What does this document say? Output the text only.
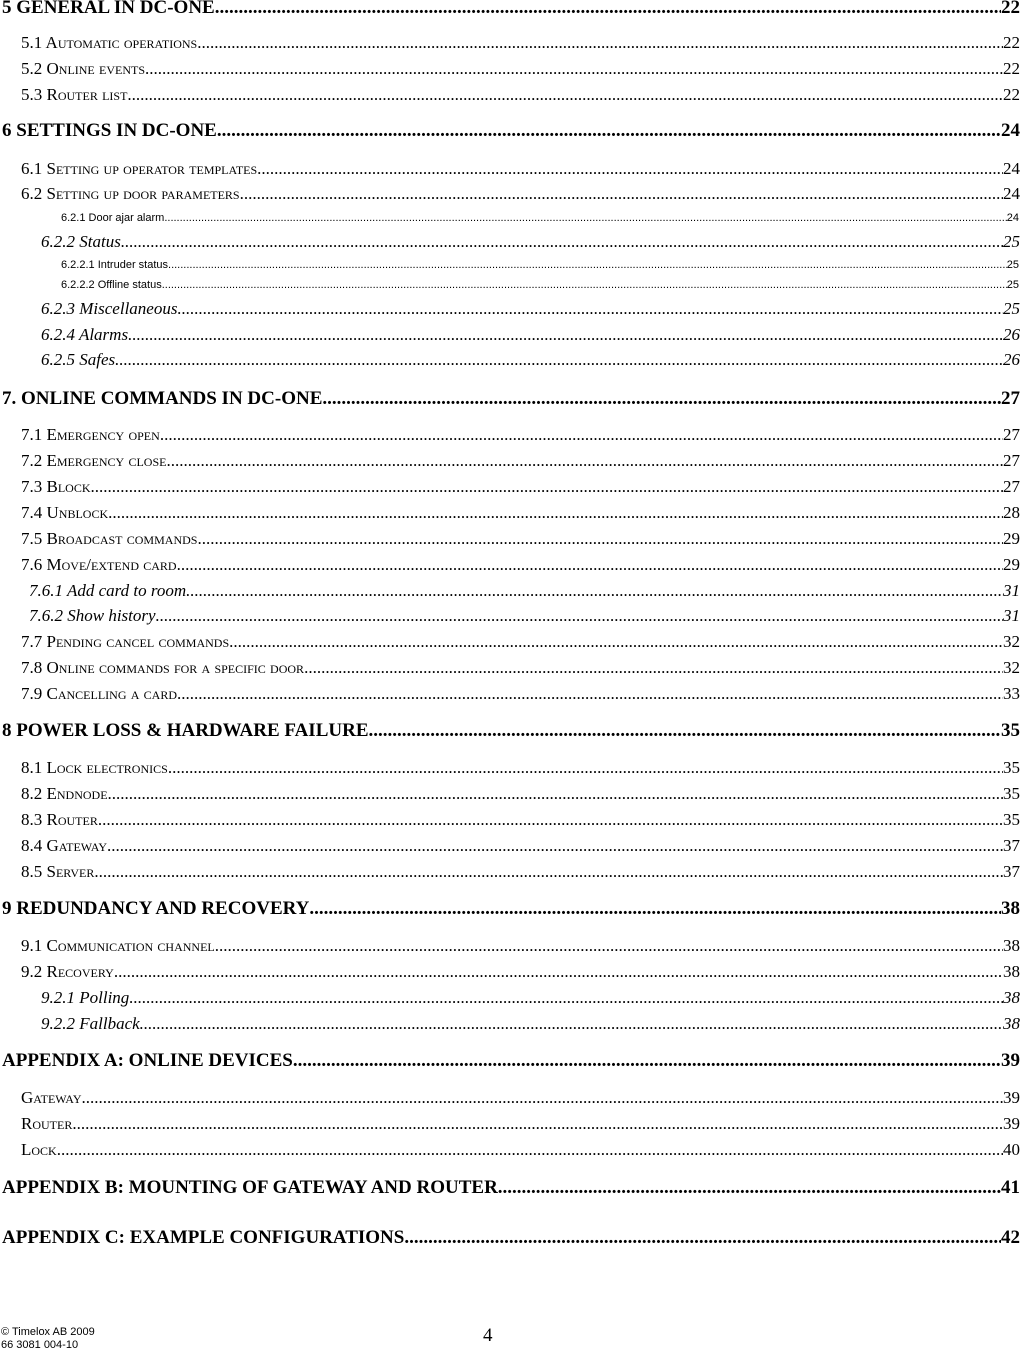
5 GENERAL IN DC-ONE .....	22
5.1 Automatic operations .....	22
5.2 Online events .....	22
5.3 Router list .....	22
6 SETTINGS IN DC-ONE .....	24
6.1 Setting up operator templates .....	24
6.2 Setting up door parameters .....	24
6.2.1 Door ajar alarm .....	24
6.2.2 Status .....	25
6.2.2.1 Intruder status .....	25
6.2.2.2 Offline status .....	25
6.2.3 Miscellaneous .....	25
6.2.4 Alarms .....	26
6.2.5 Safes .....	26
7. ONLINE COMMANDS IN DC-ONE .....	27
7.1 Emergency open .....	27
7.2 Emergency close .....	27
7.3 Block .....	27
7.4 Unblock .....	28
7.5 Broadcast commands .....	29
7.6 Move/extend card .....	29
7.6.1 Add card to room .....	31
7.6.2 Show history .....	31
7.7 Pending cancel commands .....	32
7.8 Online commands for a specific door .....	32
7.9 Cancelling a card .....	33
8 POWER LOSS & HARDWARE FAILURE .....	35
8.1 Lock electronics .....	35
8.2 Endnode .....	35
8.3 Router .....	35
8.4 Gateway .....	37
8.5 Server .....	37
9 REDUNDANCY AND RECOVERY .....	38
9.1 Communication channel .....	38
9.2 Recovery .....	38
9.2.1 Polling .....	38
9.2.2 Fallback .....	38
APPENDIX A: ONLINE DEVICES .....	39
Gateway .....	39
Router .....	39
Lock .....	40
APPENDIX B: MOUNTING OF GATEWAY AND ROUTER .....	41
APPENDIX C: EXAMPLE CONFIGURATIONS .....	42
© Timelox AB 2009
66 3081 004-10	4
